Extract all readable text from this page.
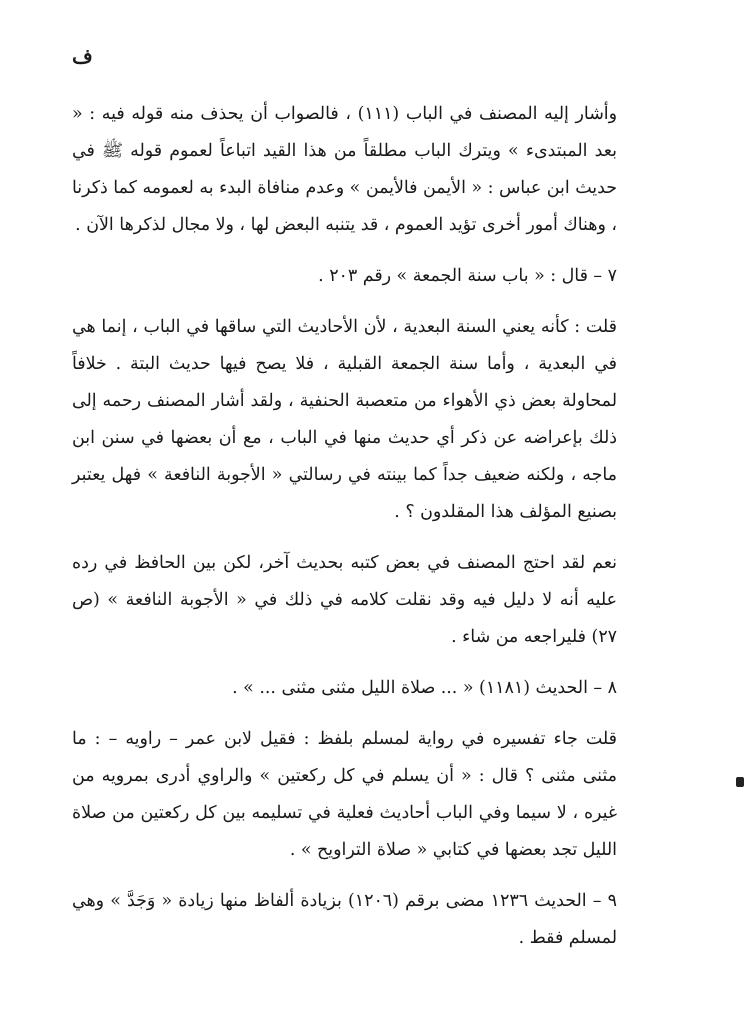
ف

وأشار إليه المصنف في الباب (١١١) ، فالصواب أن يحذف منه قوله فيه : « بعد المبتدىء » ويترك الباب مطلقاً من هذا القيد اتباعاً لعموم قوله ﷺ في حديث ابن عباس : « الأيمن فالأيمن » وعدم منافاة البدء به لعمومه كما ذكرنا ، وهناك أمور أخرى تؤيد العموم ، قد يتنبه البعض لها ، ولا مجال لذكرها الآن .

٧ – قال : « باب سنة الجمعة » رقم ٢٠٣ .

قلت : كأنه يعني السنة البعدية ، لأن الأحاديث التي ساقها في الباب ، إنما هي في البعدية ، وأما سنة الجمعة القبلية ، فلا يصح فيها حديث البتة . خلافاً لمحاولة بعض ذي الأهواء من متعصبة الحنفية ، ولقد أشار المصنف رحمه إلى ذلك بإعراضه عن ذكر أي حديث منها في الباب ، مع أن بعضها في سنن ابن ماجه ، ولكنه ضعيف جداً كما بينته في رسالتي « الأجوبة النافعة » فهل يعتبر بصنيع المؤلف هذا المقلدون ؟ .

نعم لقد احتج المصنف في بعض كتبه بحديث آخر، لكن بين الحافظ في رده عليه أنه لا دليل فيه وقد نقلت كلامه في ذلك في « الأجوبة النافعة » (ص ٢٧) فليراجعه من شاء .

٨ – الحديث (١١٨١) « ... صلاة الليل مثنى مثنى ... » .

قلت جاء تفسيره في رواية لمسلم بلفظ : فقيل لابن عمر – راويه – : ما مثنى مثنى ؟ قال : « أن يسلم في كل ركعتين » والراوي أدرى بمرويه من غيره ، لا سيما وفي الباب أحاديث فعلية في تسليمه بين كل ركعتين من صلاة الليل تجد بعضها في كتابي « صلاة التراويح » .

٩ – الحديث ١٢٣٦ مضى برقم (١٢٠٦) بزيادة ألفاظ منها زيادة « وَجَدَّ » وهي لمسلم فقط .
